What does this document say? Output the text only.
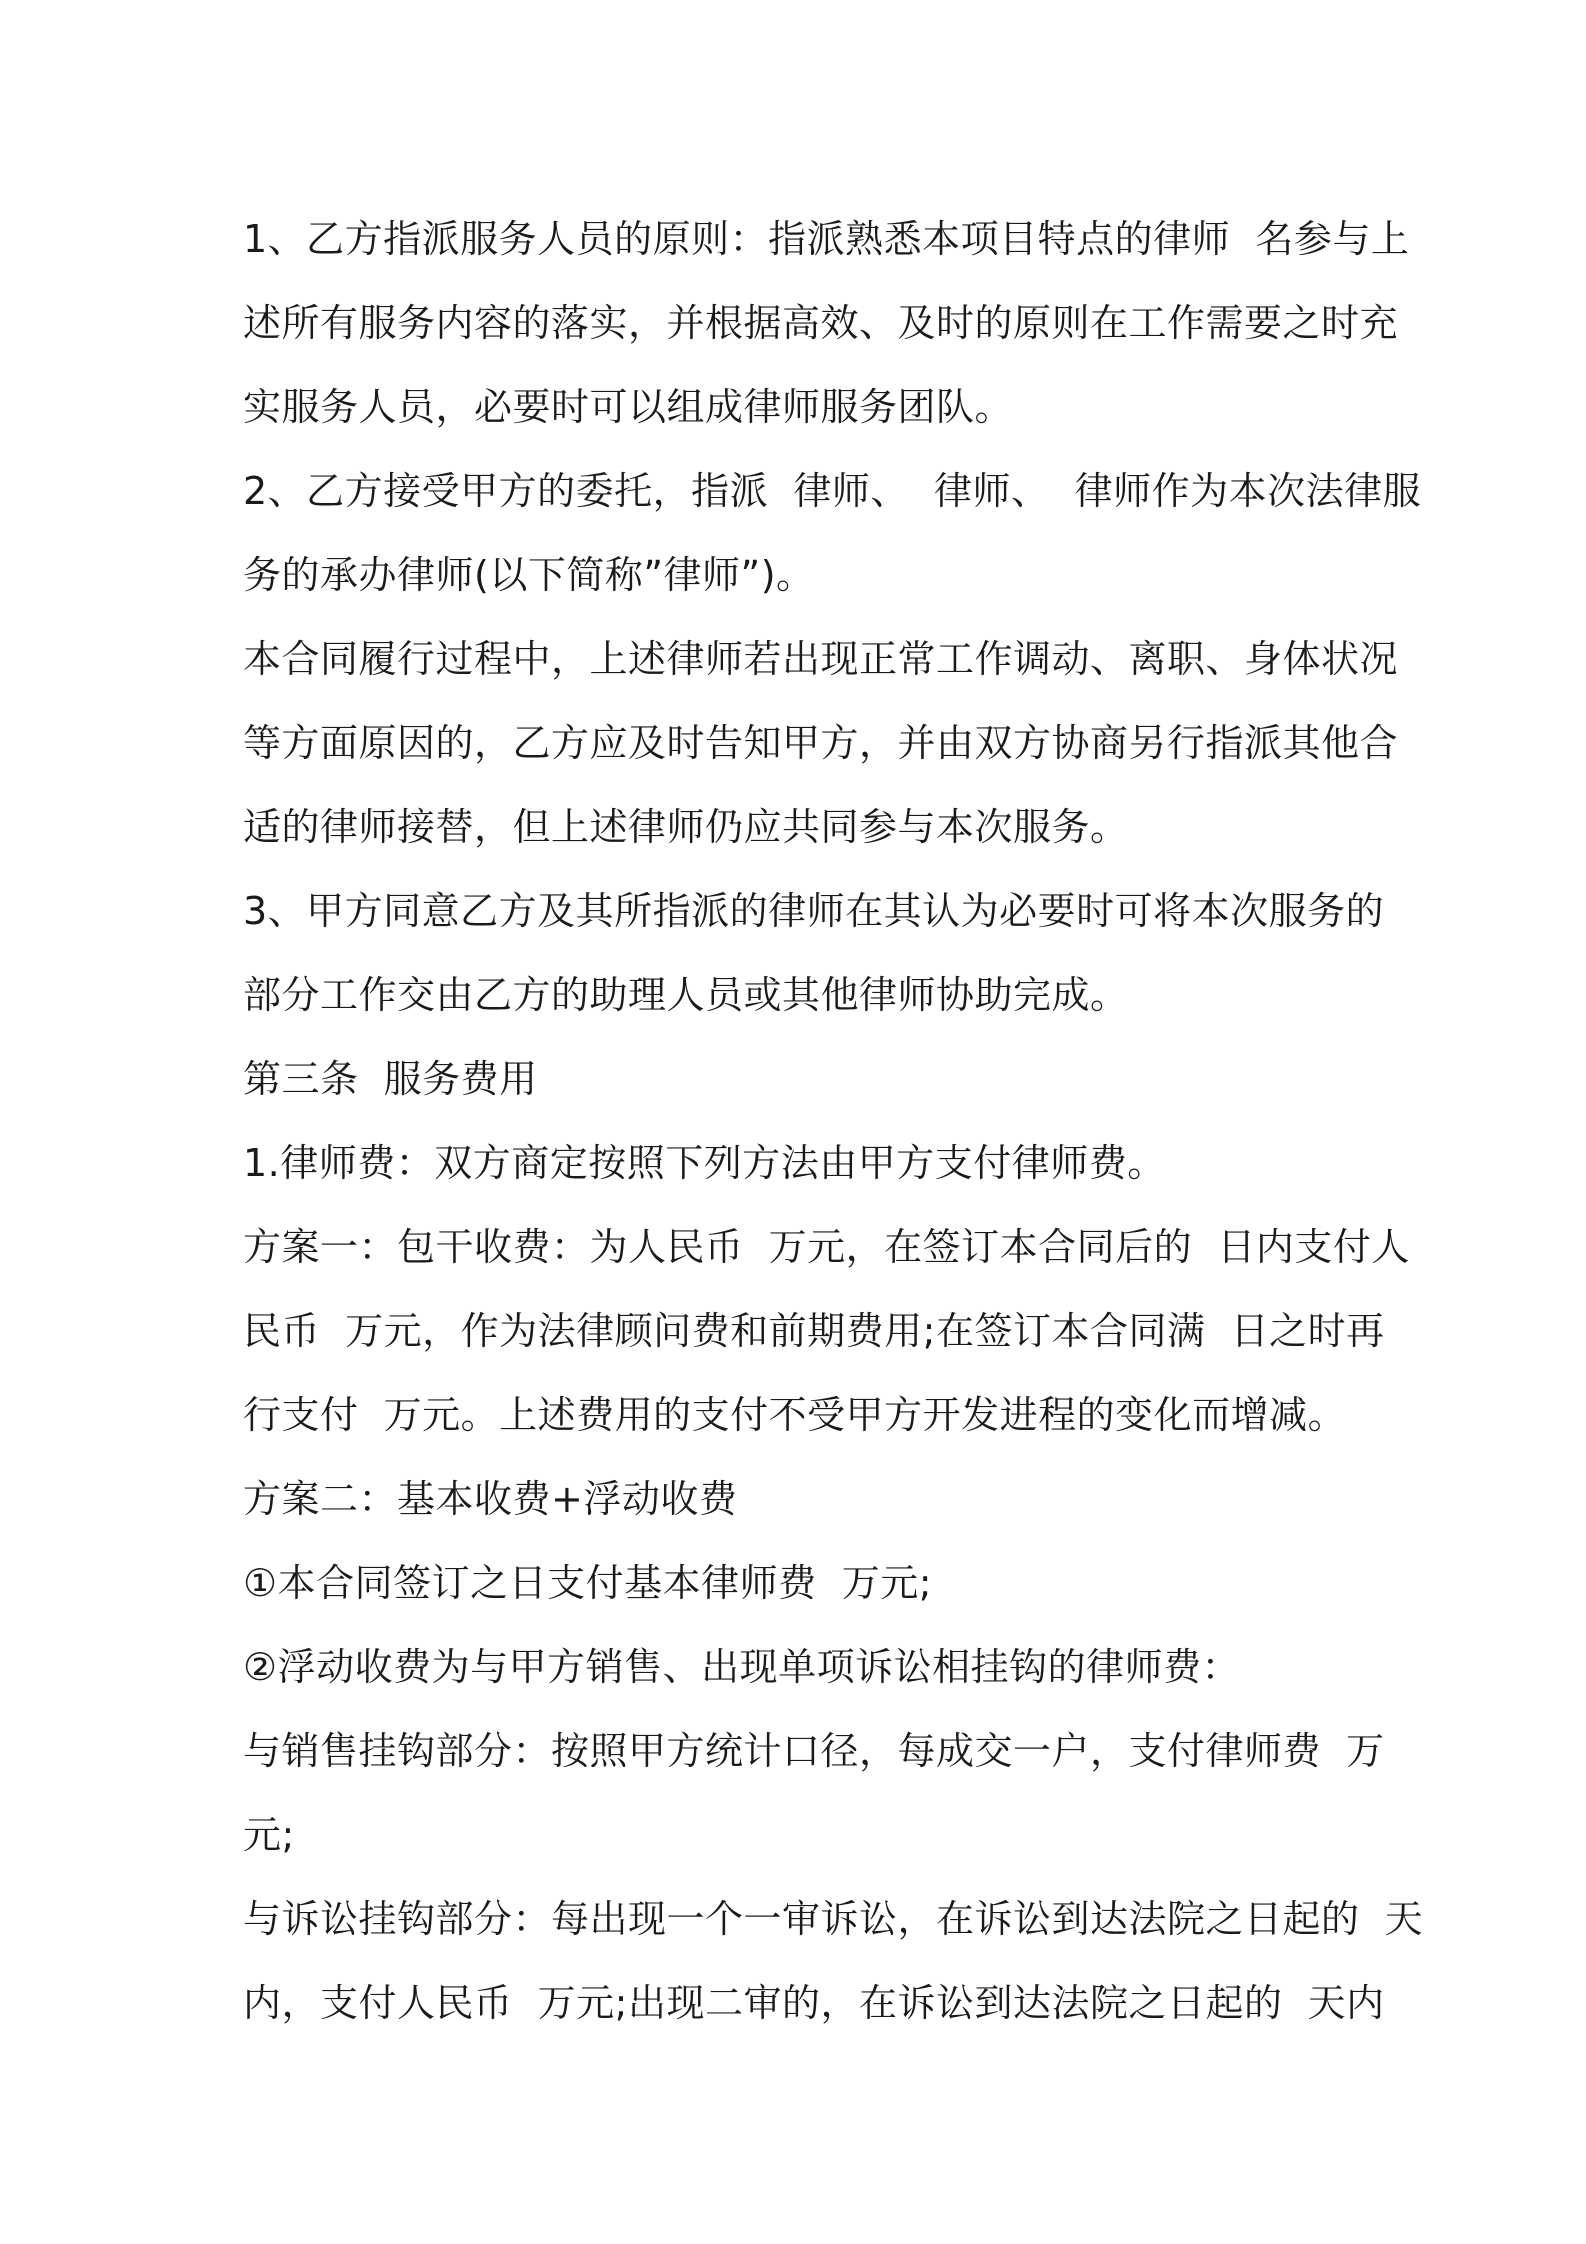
1、乙方指派服务人员的原则：指派熟悉本项目特点的律师  名参与上
述所有服务内容的落实，并根据高效、及时的原则在工作需要之时充
实服务人员，必要时可以组成律师服务团队。
2、乙方接受甲方的委托，指派  律师、  律师、  律师作为本次法律服
务的承办律师(以下简称”律师”)。
本合同履行过程中，上述律师若出现正常工作调动、离职、身体状况
等方面原因的，乙方应及时告知甲方，并由双方协商另行指派其他合
适的律师接替，但上述律师仍应共同参与本次服务。
3、甲方同意乙方及其所指派的律师在其认为必要时可将本次服务的
部分工作交由乙方的助理人员或其他律师协助完成。
第三条  服务费用
1.律师费：双方商定按照下列方法由甲方支付律师费。
方案一：包干收费：为人民币  万元，在签订本合同后的  日内支付人
民币  万元，作为法律顾问费和前期费用;在签订本合同满  日之时再
行支付  万元。上述费用的支付不受甲方开发进程的变化而增减。
方案二：基本收费+浮动收费
①本合同签订之日支付基本律师费  万元;
②浮动收费为与甲方销售、出现单项诉讼相挂钩的律师费：
与销售挂钩部分：按照甲方统计口径，每成交一户，支付律师费  万
元;
与诉讼挂钩部分：每出现一个一审诉讼，在诉讼到达法院之日起的  天
内，支付人民币  万元;出现二审的，在诉讼到达法院之日起的  天内
